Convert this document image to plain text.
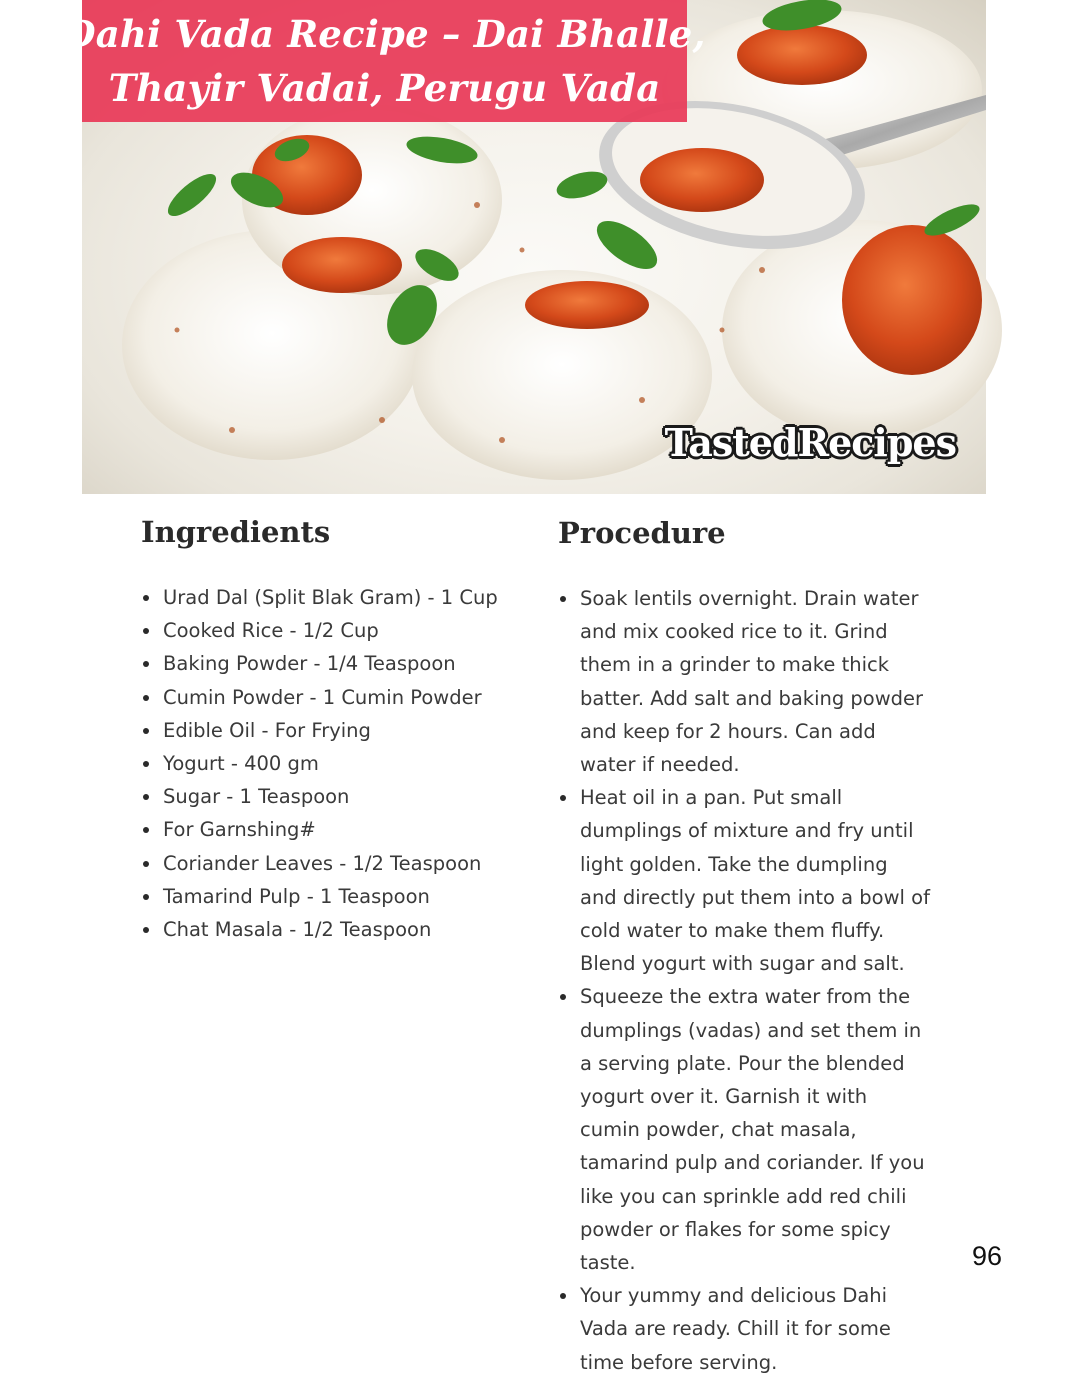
Dahi Vada Recipe – Dai Bhalle,
Thayir Vadai, Perugu Vada
TastedRecipes
Ingredients
Urad Dal (Split Blak Gram) - 1 Cup
Cooked Rice - 1/2 Cup
Baking Powder - 1/4 Teaspoon
Cumin Powder - 1 Cumin Powder
Edible Oil - For Frying
Yogurt - 400 gm
Sugar - 1 Teaspoon
For Garnshing#
Coriander Leaves - 1/2 Teaspoon
Tamarind Pulp - 1 Teaspoon
Chat Masala - 1/2 Teaspoon
Procedure
Soak lentils overnight. Drain water and mix cooked rice to it. Grind them in a grinder to make thick batter. Add salt and baking powder and keep for 2 hours. Can add water if needed.
Heat oil in a pan. Put small dumplings of mixture and fry until light golden. Take the dumpling and directly put them into a bowl of cold water to make them fluffy. Blend yogurt with sugar and salt.
Squeeze the extra water from the dumplings (vadas) and set them in a serving plate. Pour the blended yogurt over it. Garnish it with cumin powder, chat masala, tamarind pulp and coriander. If you like you can sprinkle add red chili powder or flakes for some spicy taste.
Your yummy and delicious Dahi Vada are ready. Chill it for some time before serving.
96
